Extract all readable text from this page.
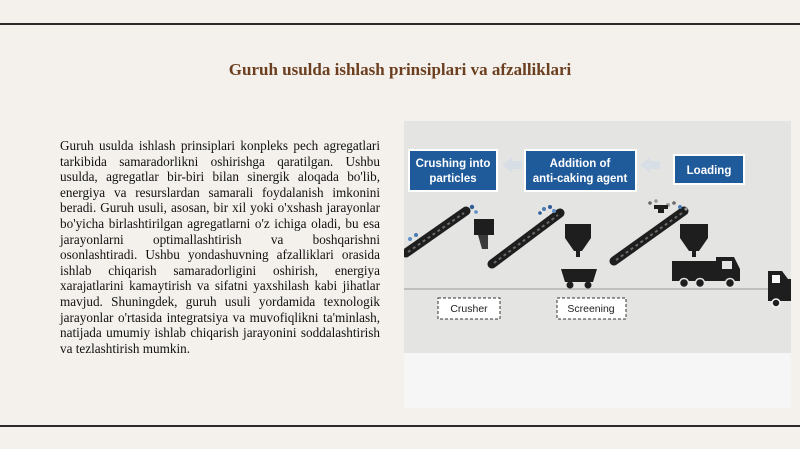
Guruh usulda ishlash prinsiplari va afzalliklari
Guruh usulda ishlash prinsiplari konpleks pech agregatlari tarkibida samaradorlikni oshirishga qaratilgan. Ushbu usulda, agregatlar bir-biri bilan sinergik aloqada bo'lib, energiya va resurslardan samarali foydalanish imkonini beradi. Guruh usuli, asosan, bir xil yoki o'xshash jarayonlar bo'yicha birlashtirilgan agregatlarni o'z ichiga oladi, bu esa jarayonlarni optimallashtirish va boshqarishni osonlashtiradi. Ushbu yondashuvning afzalliklari orasida ishlab chiqarish samaradorligini oshirish, energiya xarajatlarini kamaytirish va sifatni yaxshilash kabi jihatlar mavjud. Shuningdek, guruh usuli yordamida texnologik jarayonlar o'rtasida integratsiya va muvofiqlikni ta'minlash, natijada umumiy ishlab chiqarish jarayonini soddalashtirish va tezlashtirish mumkin.
Crushing into
particles
Addition of
anti-caking agent
Loading
Crusher	Screening
